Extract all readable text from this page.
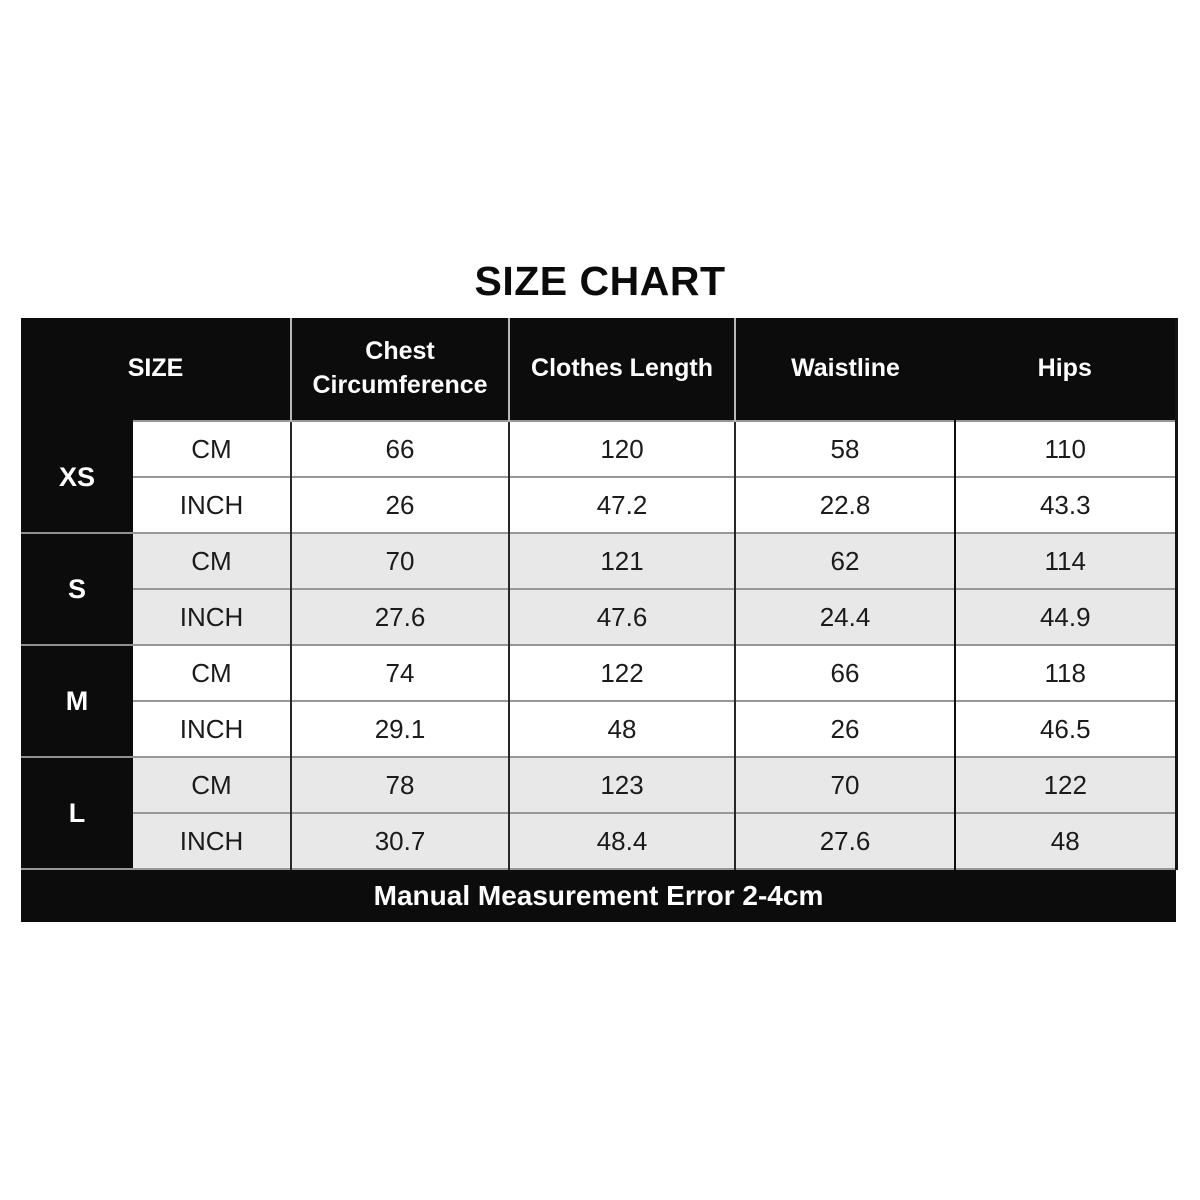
SIZE CHART
SIZE		Chest Circumference	Clothes Length	Waistline	Hips
XS	CM	66	120	58	110
	INCH	26	47.2	22.8	43.3
S	CM	70	121	62	114
	INCH	27.6	47.6	24.4	44.9
M	CM	74	122	66	118
	INCH	29.1	48	26	46.5
L	CM	78	123	70	122
	INCH	30.7	48.4	27.6	48
Manual Measurement Error 2-4cm					
